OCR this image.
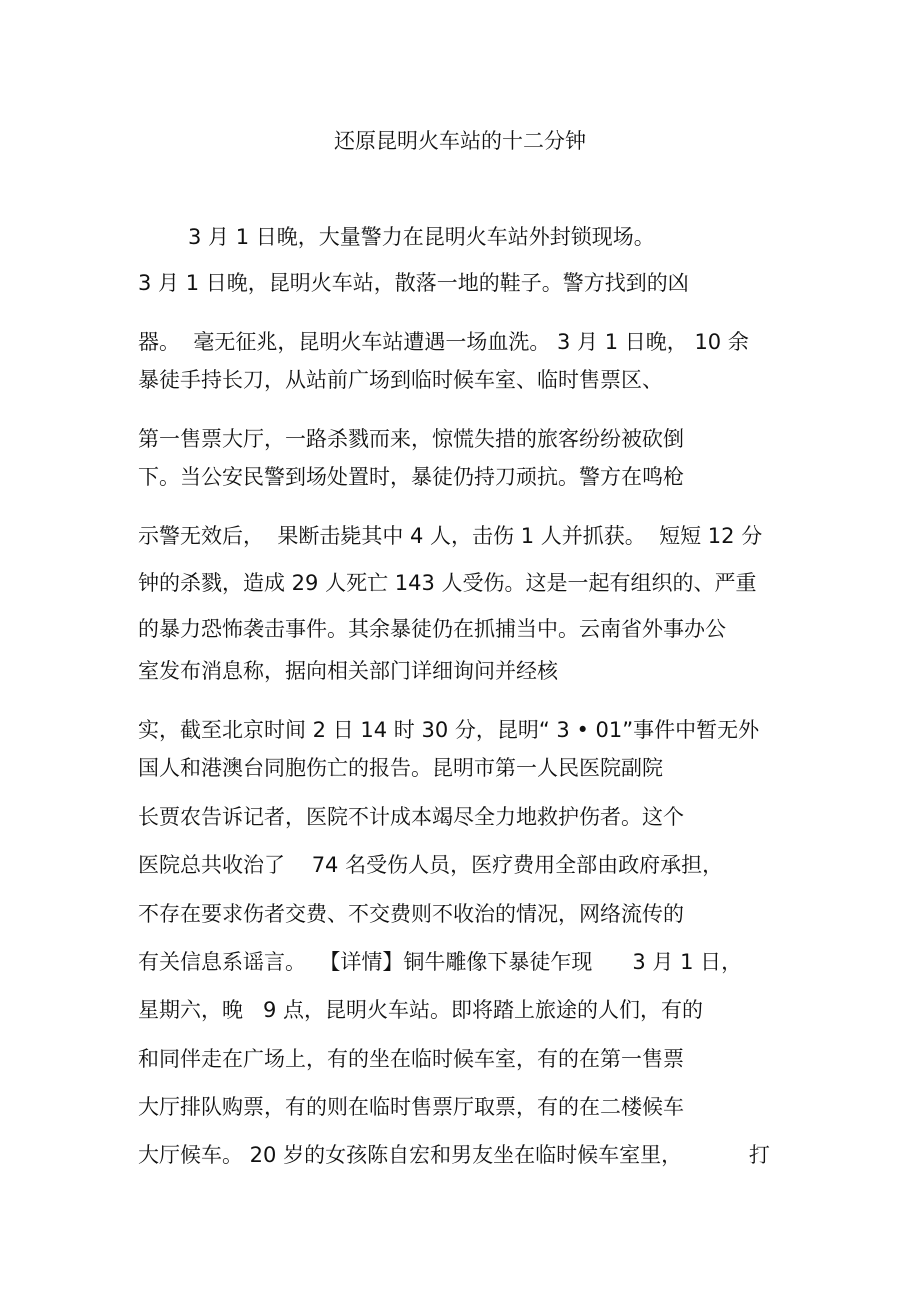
还原昆明火车站的十二分钟
3 月 1 日晚，大量警力在昆明火车站外封锁现场。
3 月 1 日晚，昆明火车站，散落一地的鞋子。警方找到的凶
器。  毫无征兆，昆明火车站遭遇一场血洗。 3 月 1 日晚， 10 余
暴徒手持长刀，从站前广场到临时候车室、临时售票区、
第一售票大厅，一路杀戮而来，惊慌失措的旅客纷纷被砍倒
下。当公安民警到场处置时，暴徒仍持刀顽抗。警方在鸣枪
示警无效后，  果断击毙其中 4 人，击伤 1 人并抓获。  短短 12 分
钟的杀戮，造成 29 人死亡 143 人受伤。这是一起有组织的、严重
的暴力恐怖袭击事件。其余暴徒仍在抓捕当中。云南省外事办公
室发布消息称，据向相关部门详细询问并经核
实，截至北京时间 2 日 14 时 30 分，昆明“ 3 • 01”事件中暂无外
国人和港澳台同胞伤亡的报告。昆明市第一人民医院副院
长贾农告诉记者，医院不计成本竭尽全力地救护伤者。这个
医院总共收治了    74 名受伤人员，医疗费用全部由政府承担，
不存在要求伤者交费、不交费则不收治的情况，网络流传的
有关信息系谣言。  【详情】铜牛雕像下暴徒乍现      3 月 1 日，
星期六，晚   9 点，昆明火车站。即将踏上旅途的人们，有的
和同伴走在广场上，有的坐在临时候车室，有的在第一售票
大厅排队购票，有的则在临时售票厅取票，有的在二楼候车
大厅候车。 20 岁的女孩陈自宏和男友坐在临时候车室里，          打
